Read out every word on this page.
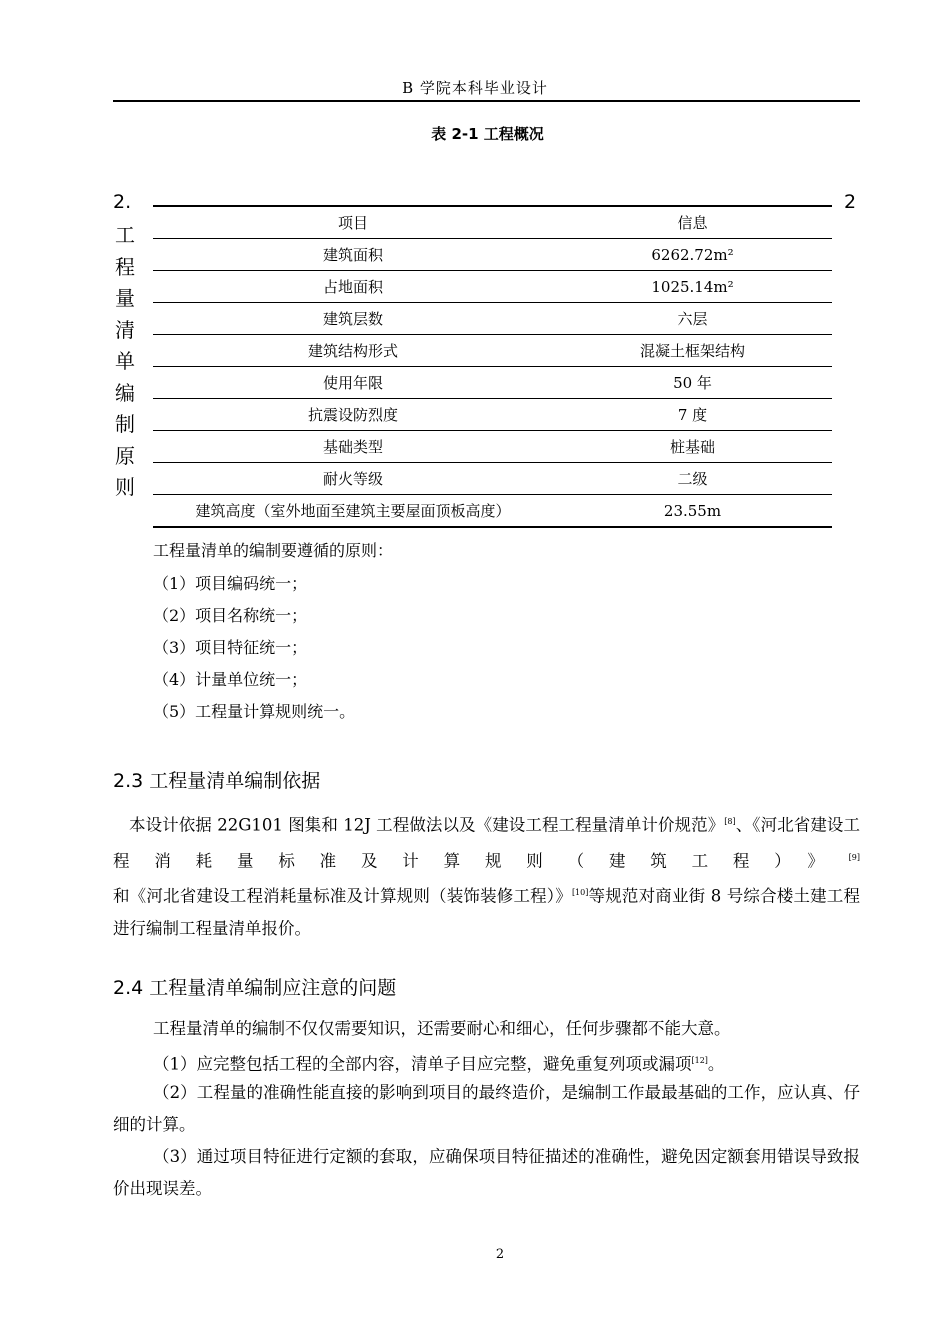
B 学院本科毕业设计
表 2-1 工程概况
2.
工
程
量
清
单
编
制
原
则
2
项目	信息
建筑面积	6262.72m²
占地面积	1025.14m²
建筑层数	六层
建筑结构形式	混凝土框架结构
使用年限	50 年
抗震设防烈度	7 度
基础类型	桩基础
耐火等级	二级
建筑高度（室外地面至建筑主要屋面顶板高度）	23.55m
工程量清单的编制要遵循的原则：
（1）项目编码统一；
（2）项目名称统一；
（3）项目特征统一；
（4）计量单位统一；
（5）工程量计算规则统一。
2.3 工程量清单编制依据
本设计依据 22G101 图集和 12J 工程做法以及《建设工程工程量清单计价规范》[8]、《河北省建设工程消耗量标准及计算规则（建筑工程）》[9]和《河北省建设工程消耗量标准及计算规则（装饰装修工程）》[10]等规范对商业街 8 号综合楼土建工程进行编制工程量清单报价。
2.4 工程量清单编制应注意的问题
工程量清单的编制不仅仅需要知识，还需要耐心和细心，任何步骤都不能大意。
（1）应完整包括工程的全部内容，清单子目应完整，避免重复列项或漏项[12]。
（2）工程量的准确性能直接的影响到项目的最终造价，是编制工作最最基础的工作，应认真、仔细的计算。
（3）通过项目特征进行定额的套取，应确保项目特征描述的准确性，避免因定额套用错误导致报价出现误差。
2
